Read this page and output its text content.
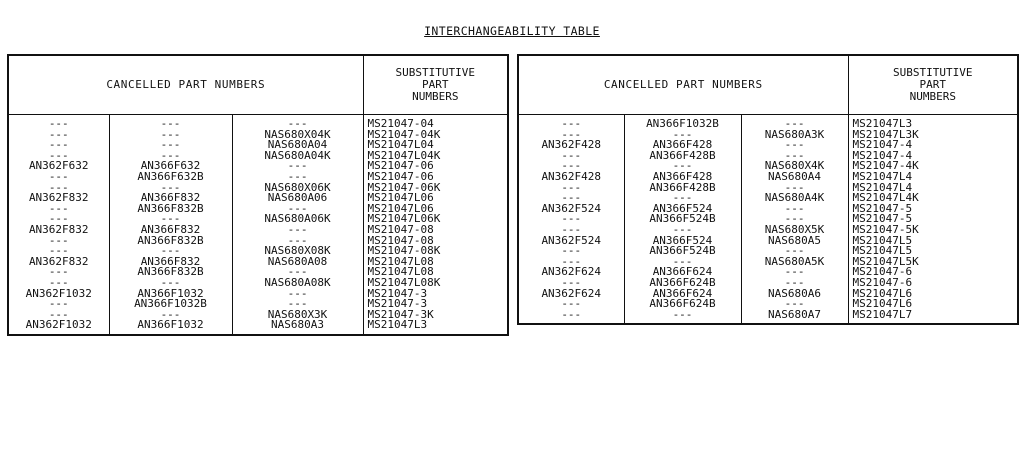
INTERCHANGEABILITY TABLE
CANCELLED PART NUMBERS			SUBSTITUTIVE
PART
NUMBERS

---	---	---	MS21047-04
---	---	NAS680X04K	MS21047-04K
---	---	NAS680A04	MS21047L04
---	---	NAS680A04K	MS21047L04K
AN362F632	AN366F632	---	MS21047-06
---	AN366F632B	---	MS21047-06
---	---	NAS680X06K	MS21047-06K
AN362F832	AN366F832	NAS680A06	MS21047L06
---	AN366F832B	---	MS21047L06
---	---	NAS680A06K	MS21047L06K
AN362F832	AN366F832	---	MS21047-08
---	AN366F832B	---	MS21047-08
---	---	NAS680X08K	MS21047-08K
AN362F832	AN366F832	NAS680A08	MS21047L08
---	AN366F832B	---	MS21047L08
---	---	NAS680A08K	MS21047L08K
AN362F1032	AN366F1032	---	MS21047-3
---	AN366F1032B	---	MS21047-3
---	---	NAS680X3K	MS21047-3K
AN362F1032	AN366F1032	NAS680A3	MS21047L3
CANCELLED PART NUMBERS			SUBSTITUTIVE
PART
NUMBERS

---	AN366F1032B	---	MS21047L3
---	---	NAS680A3K	MS21047L3K
AN362F428	AN366F428	---	MS21047-4
---	AN366F428B	---	MS21047-4
---	---	NAS680X4K	MS21047-4K
AN362F428	AN366F428	NAS680A4	MS21047L4
---	AN366F428B	---	MS21047L4
---	---	NAS680A4K	MS21047L4K
AN362F524	AN366F524	---	MS21047-5
---	AN366F524B	---	MS21047-5
---	---	NAS680X5K	MS21047-5K
AN362F524	AN366F524	NAS680A5	MS21047L5
---	AN366F524B	---	MS21047L5
---	---	NAS680A5K	MS21047L5K
AN362F624	AN366F624	---	MS21047-6
---	AN366F624B	---	MS21047-6
AN362F624	AN366F624	NAS680A6	MS21047L6
---	AN366F624B	---	MS21047L6
---	---	NAS680A7	MS21047L7
